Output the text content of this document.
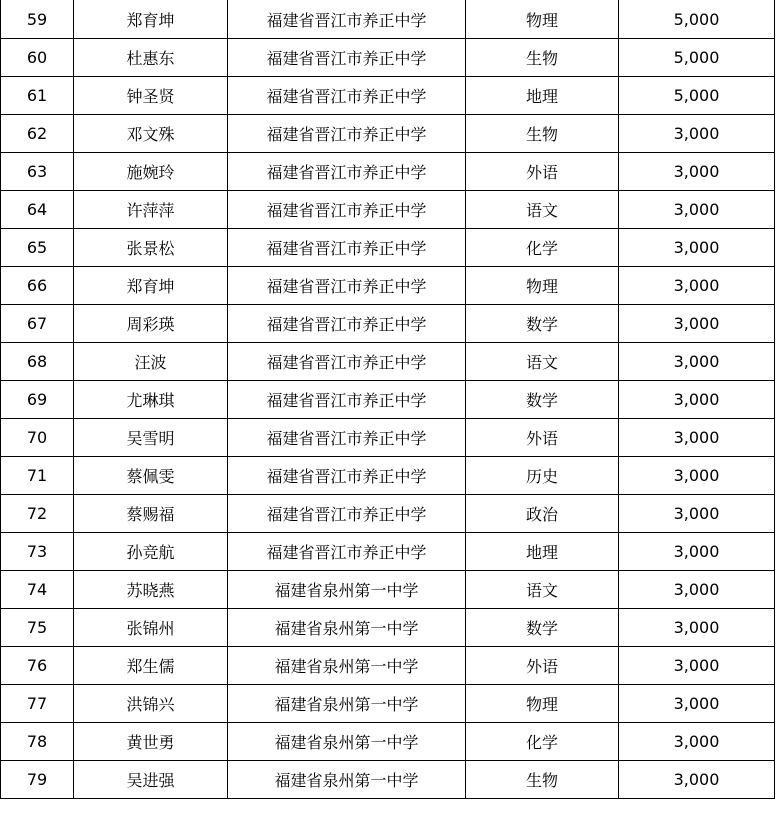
59	郑育坤	福建省晋江市养正中学	物理	5,000
60	杜惠东	福建省晋江市养正中学	生物	5,000
61	钟圣贤	福建省晋江市养正中学	地理	5,000
62	邓文殊	福建省晋江市养正中学	生物	3,000
63	施婉玲	福建省晋江市养正中学	外语	3,000
64	许萍萍	福建省晋江市养正中学	语文	3,000
65	张景松	福建省晋江市养正中学	化学	3,000
66	郑育坤	福建省晋江市养正中学	物理	3,000
67	周彩瑛	福建省晋江市养正中学	数学	3,000
68	汪波	福建省晋江市养正中学	语文	3,000
69	尤琳琪	福建省晋江市养正中学	数学	3,000
70	吴雪明	福建省晋江市养正中学	外语	3,000
71	蔡佩雯	福建省晋江市养正中学	历史	3,000
72	蔡赐福	福建省晋江市养正中学	政治	3,000
73	孙竞航	福建省晋江市养正中学	地理	3,000
74	苏晓燕	福建省泉州第一中学	语文	3,000
75	张锦州	福建省泉州第一中学	数学	3,000
76	郑生儒	福建省泉州第一中学	外语	3,000
77	洪锦兴	福建省泉州第一中学	物理	3,000
78	黄世勇	福建省泉州第一中学	化学	3,000
79	吴进强	福建省泉州第一中学	生物	3,000
